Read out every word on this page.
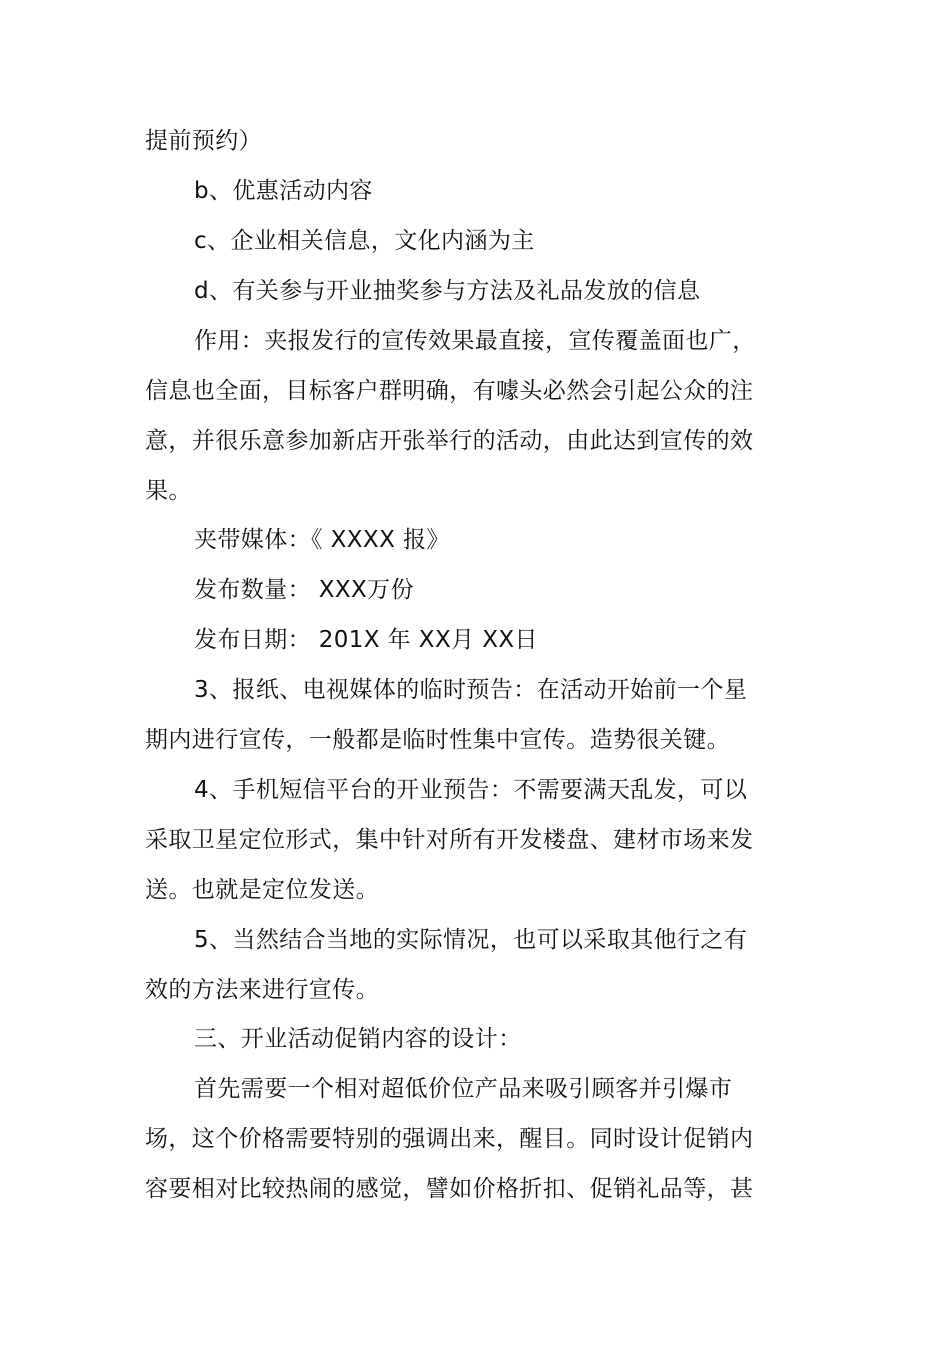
提前预约）
b、优惠活动内容
c、企业相关信息，文化内涵为主
d、有关参与开业抽奖参与方法及礼品发放的信息
作用：夹报发行的宣传效果最直接，宣传覆盖面也广，
信息也全面，目标客户群明确，有噱头必然会引起公众的注
意，并很乐意参加新店开张举行的活动，由此达到宣传的效
果。
夹带媒体：《 XXXX 报》
发布数量： XXX万份
发布日期： 201X 年 XX月 XX日
3、报纸、电视媒体的临时预告：在活动开始前一个星
期内进行宣传，一般都是临时性集中宣传。造势很关键。
4、手机短信平台的开业预告：不需要满天乱发，可以
采取卫星定位形式，集中针对所有开发楼盘、建材市场来发
送。也就是定位发送。
5、当然结合当地的实际情况，也可以采取其他行之有
效的方法来进行宣传。
三、开业活动促销内容的设计：
首先需要一个相对超低价位产品来吸引顾客并引爆市
场，这个价格需要特别的强调出来，醒目。同时设计促销内
容要相对比较热闹的感觉，譬如价格折扣、促销礼品等，甚
